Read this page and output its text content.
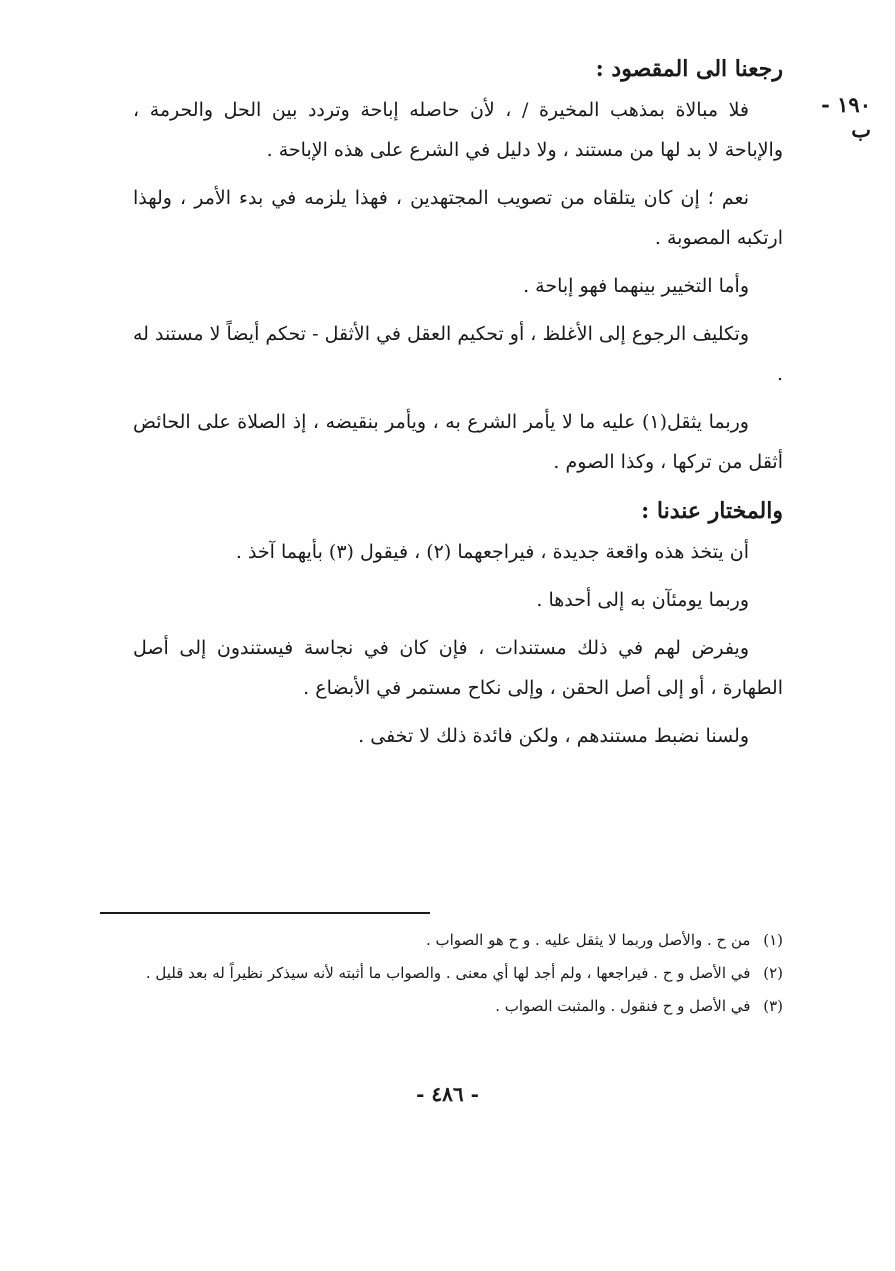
١٩٠ - ب

رجعنا الى المقصود :

فلا مبالاة بمذهب المخيرة / ، لأن حاصله إباحة وتردد بين الحل والحرمة ، والإباحة لا بد لها من مستند ، ولا دليل في الشرع على هذه الإباحة .

نعم ؛ إن كان يتلقاه من تصويب المجتهدين ، فهذا يلزمه في بدء الأمر ، ولهذا ارتكبه المصوبة .

وأما التخيير بينهما فهو إباحة .

وتكليف الرجوع إلى الأغلظ ، أو تحكيم العقل في الأثقل - تحكم أيضاً لا مستند له .

وربما يثقل(١) عليه ما لا يأمر الشرع به ، ويأمر بنقيضه ، إذ الصلاة على الحائض أثقل من تركها ، وكذا الصوم .

والمختار عندنا :

أن يتخذ هذه واقعة جديدة ، فيراجعهما (٢) ، فيقول (٣) بأيهما آخذ .

وربما يومئآن به إلى أحدها .

ويفرض لهم في ذلك مستندات ، فإن كان في نجاسة فيستندون إلى أصل الطهارة ، أو إلى أصل الحقن ، وإلى نكاح مستمر في الأبضاع .

ولسنا نضبط مستندهم ، ولكن فائدة ذلك لا تخفى .

(١) من ح . والأصل وربما لا يثقل عليه . و ح هو الصواب .

(٢) في الأصل و ح . فيراجعها ، ولم أجد لها أي معنى . والصواب ما أثبته لأنه سيذكر نظيراً له بعد قليل .

(٣) في الأصل و ح فنقول . والمثبت الصواب .

- ٤٨٦ -
